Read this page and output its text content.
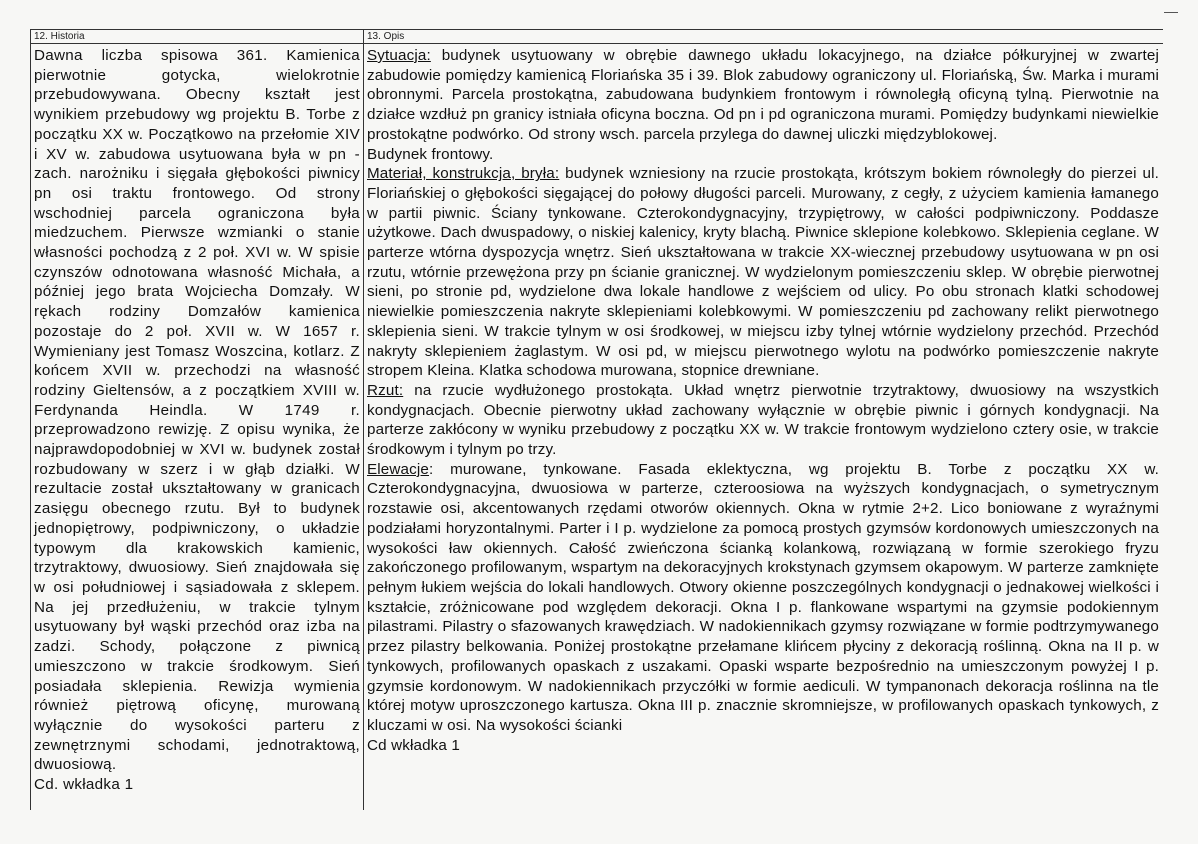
12. Historia

Dawna liczba spisowa 361. Kamienica pierwotnie gotycka, wielokrotnie przebudowywana. Obecny kształt jest wynikiem przebudowy wg projektu B. Torbe z początku XX w. Początkowo na przełomie XIV i XV w. zabudowa usytuowana była w pn -zach. narożniku i sięgała głębokości piwnicy pn osi traktu frontowego. Od strony wschodniej parcela ograniczona była miedzuchem. Pierwsze wzmianki o stanie własności pochodzą z 2 poł. XVI w. W spisie czynszów odnotowana własność Michała, a później jego brata Wojciecha Domzały. W rękach rodziny Domzałów kamienica pozostaje do 2 poł. XVII w. W 1657 r. Wymieniany jest Tomasz Woszcina, kotlarz. Z końcem XVII w. przechodzi na własność rodziny Gieltensów, a z początkiem XVIII w. Ferdynanda Heindla. W 1749 r. przeprowadzono rewizję. Z opisu wynika, że najprawdopodobniej w XVI w. budynek został rozbudowany w szerz i w głąb działki. W rezultacie został ukształtowany w granicach zasięgu obecnego rzutu. Był to budynek jednopiętrowy, podpiwniczony, o układzie typowym dla krakowskich kamienic, trzytraktowy, dwuosiowy. Sień znajdowała się w osi południowej i sąsiadowała z sklepem. Na jej przedłużeniu, w trakcie tylnym usytuowany był wąski przechód oraz izba na zadzi. Schody, połączone z piwnicą umieszczono w trakcie środkowym. Sień posiadała sklepienia. Rewizja wymienia również piętrową oficynę, murowaną wyłącznie do wysokości parteru z zewnętrznymi schodami, jednotraktową, dwuosiową.

Cd. wkładka 1

13. Opis

Sytuacja: budynek usytuowany w obrębie dawnego układu lokacyjnego, na działce półkuryjnej w zwartej zabudowie pomiędzy kamienicą Floriańska 35 i 39. Blok zabudowy ograniczony ul. Floriańską, Św. Marka i murami obronnymi. Parcela prostokątna, zabudowana budynkiem frontowym i równoległą oficyną tylną. Pierwotnie na działce wzdłuż pn granicy istniała oficyna boczna. Od pn i pd ograniczona murami. Pomiędzy budynkami niewielkie prostokątne podwórko. Od strony wsch. parcela przylega do dawnej uliczki międzyblokowej.

Budynek frontowy.

Materiał, konstrukcja, bryła: budynek wzniesiony na rzucie prostokąta, krótszym bokiem równoległy do pierzei ul. Floriańskiej o głębokości sięgającej do połowy długości parceli. Murowany, z cegły, z użyciem kamienia łamanego w partii piwnic. Ściany tynkowane. Czterokondygnacyjny, trzypiętrowy, w całości podpiwniczony. Poddasze użytkowe. Dach dwuspadowy, o niskiej kalenicy, kryty blachą. Piwnice sklepione kolebkowo. Sklepienia ceglane. W parterze wtórna dyspozycja wnętrz. Sień ukształtowana w trakcie XX-wiecznej przebudowy usytuowana w pn osi rzutu, wtórnie przewężona przy pn ścianie granicznej. W wydzielonym pomieszczeniu sklep. W obrębie pierwotnej sieni, po stronie pd, wydzielone dwa lokale handlowe z wejściem od ulicy. Po obu stronach klatki schodowej niewielkie pomieszczenia nakryte sklepieniami kolebkowymi. W pomieszczeniu pd zachowany relikt pierwotnego sklepienia sieni. W trakcie tylnym w osi środkowej, w miejscu izby tylnej wtórnie wydzielony przechód. Przechód nakryty sklepieniem żaglastym. W osi pd, w miejscu pierwotnego wylotu na podwórko pomieszczenie nakryte stropem Kleina. Klatka schodowa murowana, stopnice drewniane.

Rzut: na rzucie wydłużonego prostokąta. Układ wnętrz pierwotnie trzytraktowy, dwuosiowy na wszystkich kondygnacjach. Obecnie pierwotny układ zachowany wyłącznie w obrębie piwnic i górnych kondygnacji. Na parterze zakłócony w wyniku przebudowy z początku XX w. W trakcie frontowym wydzielono cztery osie, w trakcie środkowym i tylnym po trzy.

Elewacje: murowane, tynkowane. Fasada eklektyczna, wg projektu B. Torbe z początku XX w. Czterokondygnacyjna, dwuosiowa w parterze, czteroosiowa na wyższych kondygnacjach, o symetrycznym rozstawie osi, akcentowanych rzędami otworów okiennych. Okna w rytmie 2+2. Lico boniowane z wyraźnymi podziałami horyzontalnymi. Parter i I p. wydzielone za pomocą prostych gzymsów kordonowych umieszczonych na wysokości ław okiennych. Całość zwieńczona ścianką kolankową, rozwiązaną w formie szerokiego fryzu zakończonego profilowanym, wspartym na dekoracyjnych krokstynach gzymsem okapowym. W parterze zamknięte pełnym łukiem wejścia do lokali handlowych. Otwory okienne poszczególnych kondygnacji o jednakowej wielkości i kształcie, zróżnicowane pod względem dekoracji. Okna I p. flankowane wspartymi na gzymsie podokiennym pilastrami. Pilastry o sfazowanych krawędziach. W nadokiennikach gzymsy rozwiązane w formie podtrzymywanego przez pilastry belkowania. Poniżej prostokątne przełamane klińcem płyciny z dekoracją roślinną. Okna na II p. w tynkowych, profilowanych opaskach z uszakami. Opaski wsparte bezpośrednio na umieszczonym powyżej I p. gzymsie kordonowym. W nadokiennikach przyczółki w formie aediculi. W tympanonach dekoracja roślinna na tle której motyw uproszczonego kartusza. Okna III p. znacznie skromniejsze, w profilowanych opaskach tynkowych, z kluczami w osi. Na wysokości ścianki

Cd wkładka 1
